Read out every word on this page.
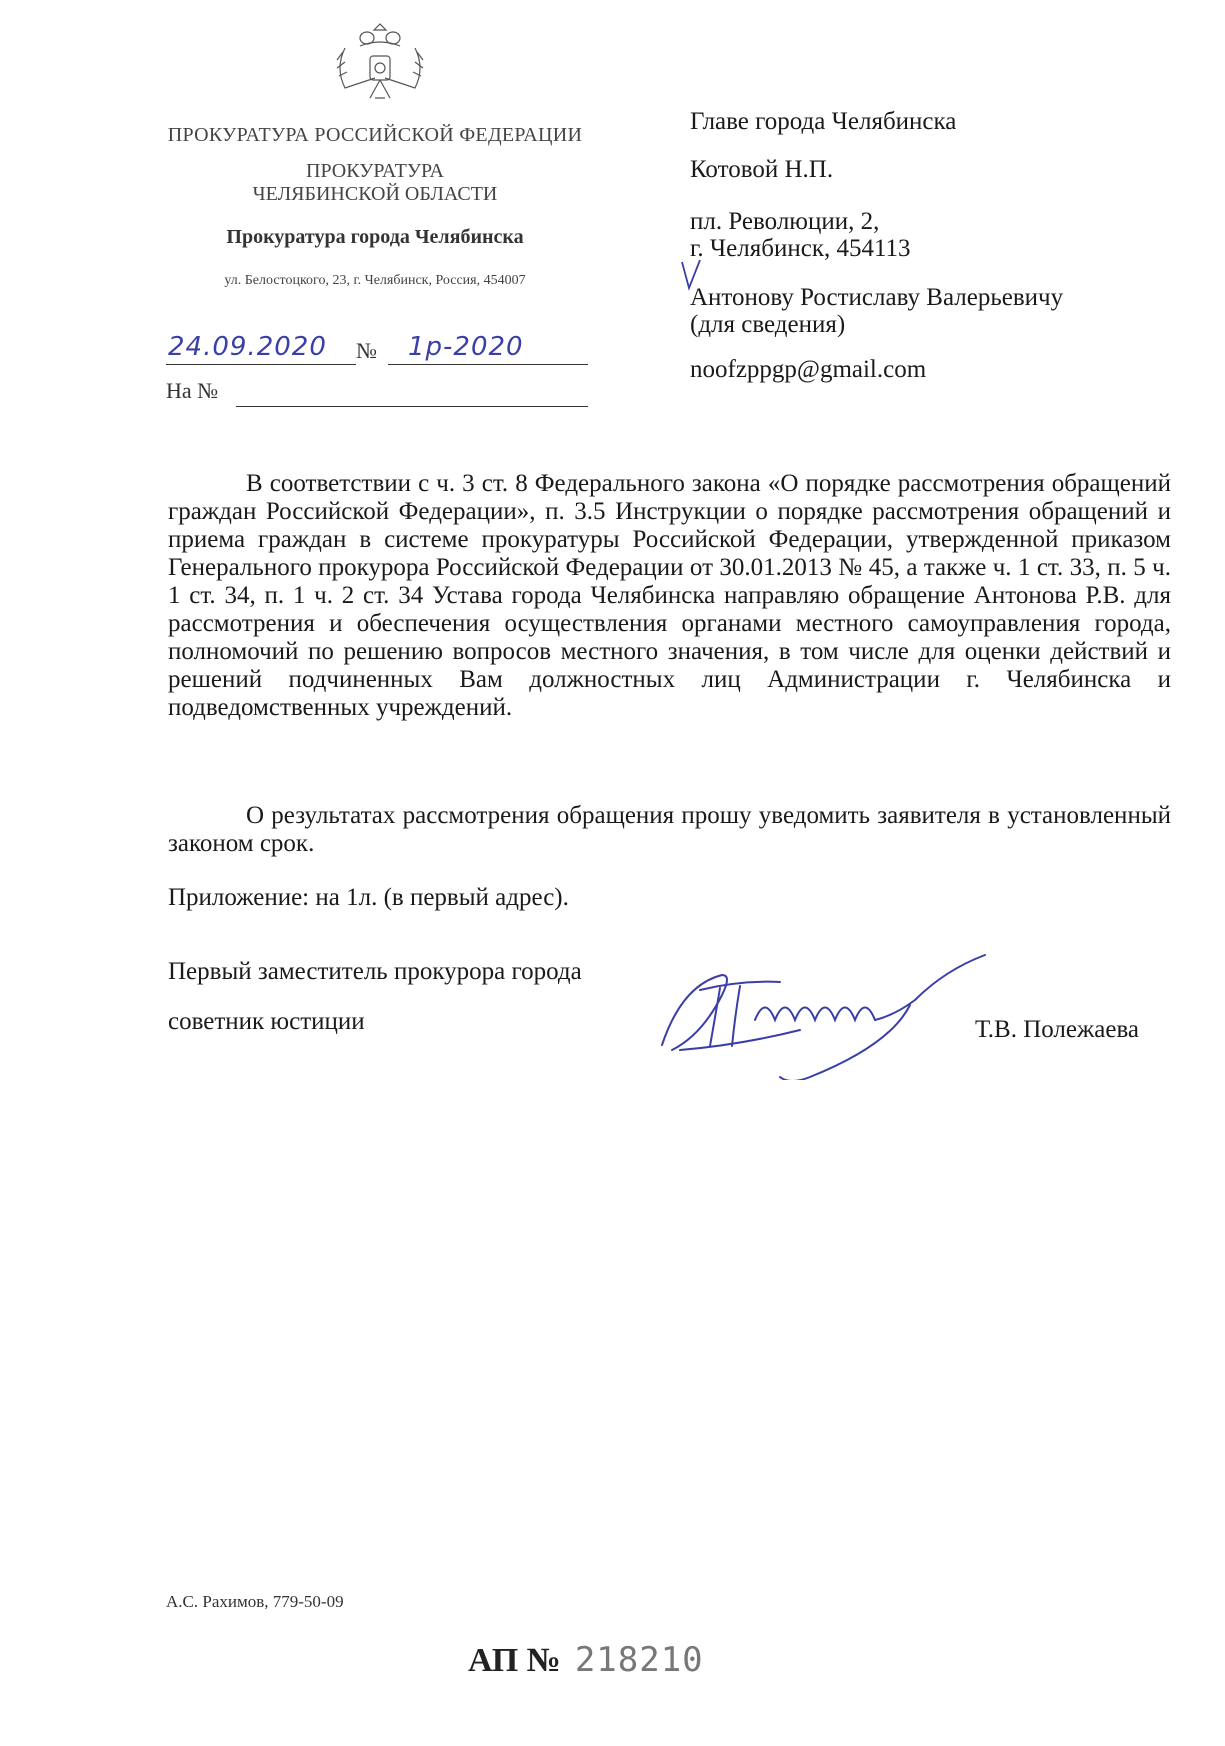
ПРОКУРАТУРА РОССИЙСКОЙ ФЕДЕРАЦИИ
ПРОКУРАТУРА
ЧЕЛЯБИНСКОЙ ОБЛАСТИ
Прокуратура города Челябинска
ул. Белостоцкого, 23, г. Челябинск, Россия, 454007
24.09.2020 № 1р-2020
На №
Главе города Челябинска
Котовой Н.П.
пл. Революции, 2,
г. Челябинск, 454113
Антонову Ростиславу Валерьевичу
(для сведения)
noofzppgp@gmail.com
В соответствии с ч. 3 ст. 8 Федерального закона «О порядке рассмотрения обращений граждан Российской Федерации», п. 3.5 Инструкции о порядке рассмотрения обращений и приема граждан в системе прокуратуры Российской Федерации, утвержденной приказом Генерального прокурора Российской Федерации от 30.01.2013 № 45, а также ч. 1 ст. 33, п. 5 ч. 1 ст. 34, п. 1 ч. 2 ст. 34 Устава города Челябинска направляю обращение Антонова Р.В. для рассмотрения и обеспечения осуществления органами местного самоуправления города, полномочий по решению вопросов местного значения, в том числе для оценки действий и решений подчиненных Вам должностных лиц Администрации г. Челябинска и подведомственных учреждений.
О результатах рассмотрения обращения прошу уведомить заявителя в установленный законом срок.
Приложение: на 1л. (в первый адрес).
Первый заместитель прокурора города
советник юстиции	Т.В. Полежаева
А.С. Рахимов, 779-50-09
АП № 218210
